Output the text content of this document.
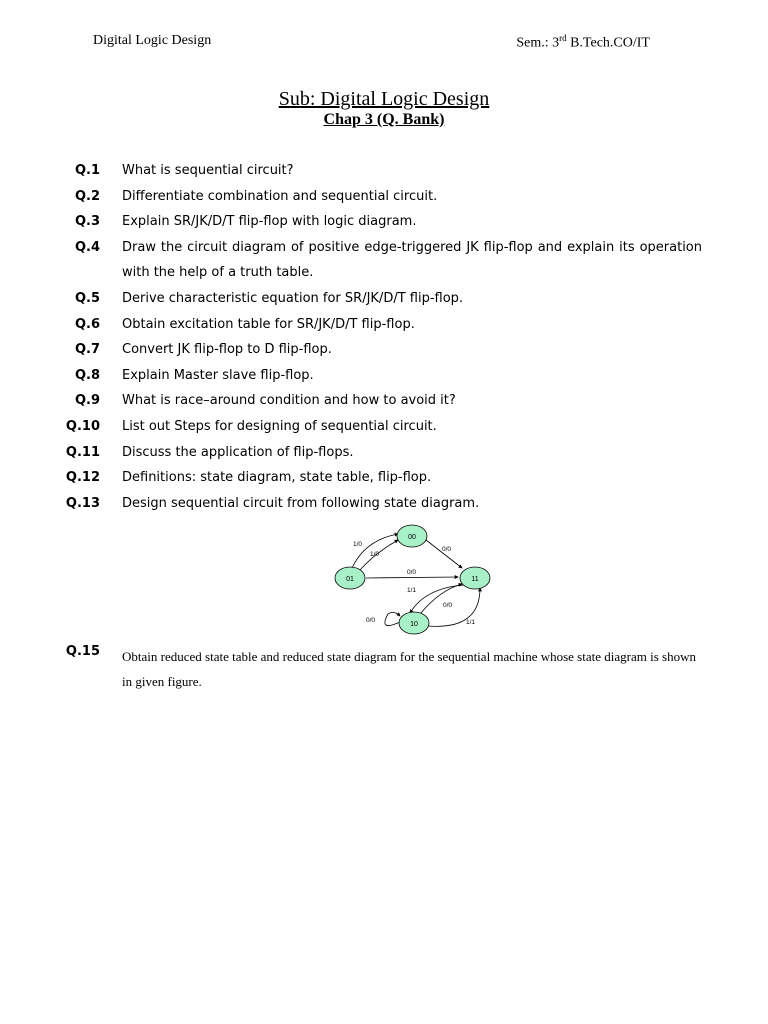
Digital Logic Design	Sem.: 3rd B.Tech.CO/IT
Sub: Digital Logic Design
Chap 3 (Q. Bank)
Q.1 What is sequential circuit?
Q.2 Differentiate combination and sequential circuit.
Q.3 Explain SR/JK/D/T flip-flop with logic diagram.
Q.4 Draw the circuit diagram of positive edge-triggered JK flip-flop and explain its operation with the help of a truth table.
Q.5 Derive characteristic equation for SR/JK/D/T flip-flop.
Q.6 Obtain excitation table for SR/JK/D/T flip-flop.
Q.7 Convert JK flip-flop to D flip-flop.
Q.8 Explain Master slave flip-flop.
Q.9 What is race–around condition and how to avoid it?
Q.10 List out Steps for designing of sequential circuit.
Q.11 Discuss the application of flip-flops.
Q.12 Definitions: state diagram, state table, flip-flop.
Q.13 Design sequential circuit from following state diagram.
00
01	11
10
1/0
1/0
0/0
0/0
1/1
0/0
0/0	1/1
Q.15 Obtain reduced state table and reduced state diagram for the sequential machine whose state diagram is shown in given figure.
